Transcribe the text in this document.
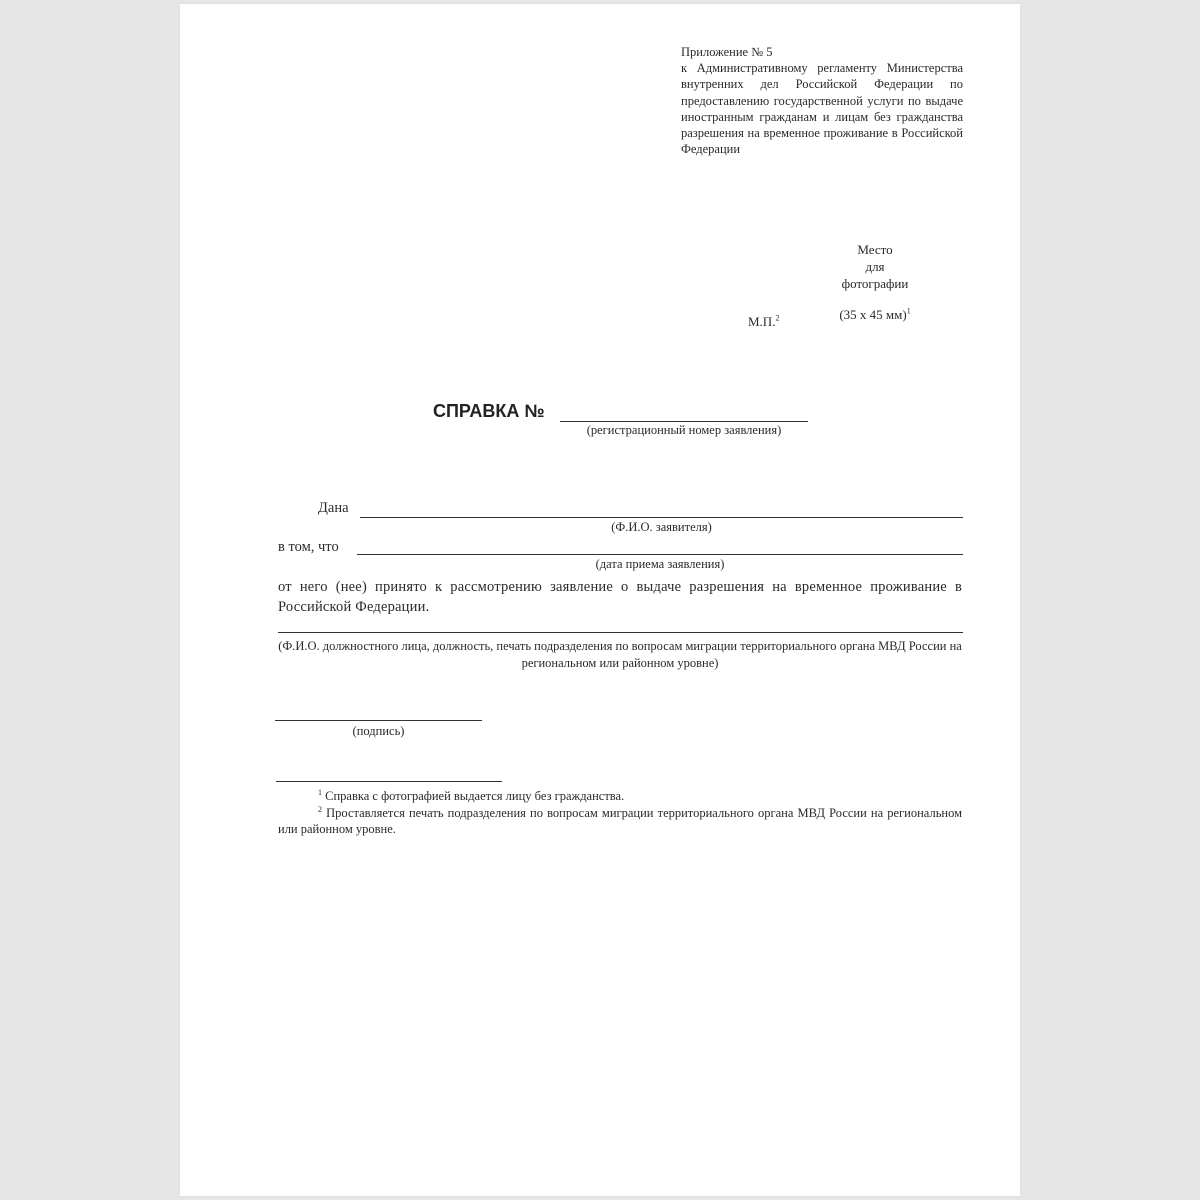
Приложение № 5
к Административному регламенту Министерства внутренних дел Российской Федерации по предоставлению государственной услуги по выдаче иностранным гражданам и лицам без гражданства разрешения на временное проживание в Российской Федерации
Место
для
фотографии
(35 х 45 мм)$^1$
М.П.$^2$
СПРАВКА №
(регистрационный номер заявления)
Дана
(Ф.И.О. заявителя)
в том, что
(дата приема заявления)
от него (нее) принято к рассмотрению заявление о выдаче разрешения на временное проживание в Российской Федерации.
(Ф.И.О. должностного лица, должность, печать подразделения по вопросам миграции территориального органа МВД России на региональном или районном уровне)
(подпись)
$^1$ Справка с фотографией выдается лицу без гражданства.
$^2$ Проставляется печать подразделения по вопросам миграции территориального органа МВД России на региональном или районном уровне.
